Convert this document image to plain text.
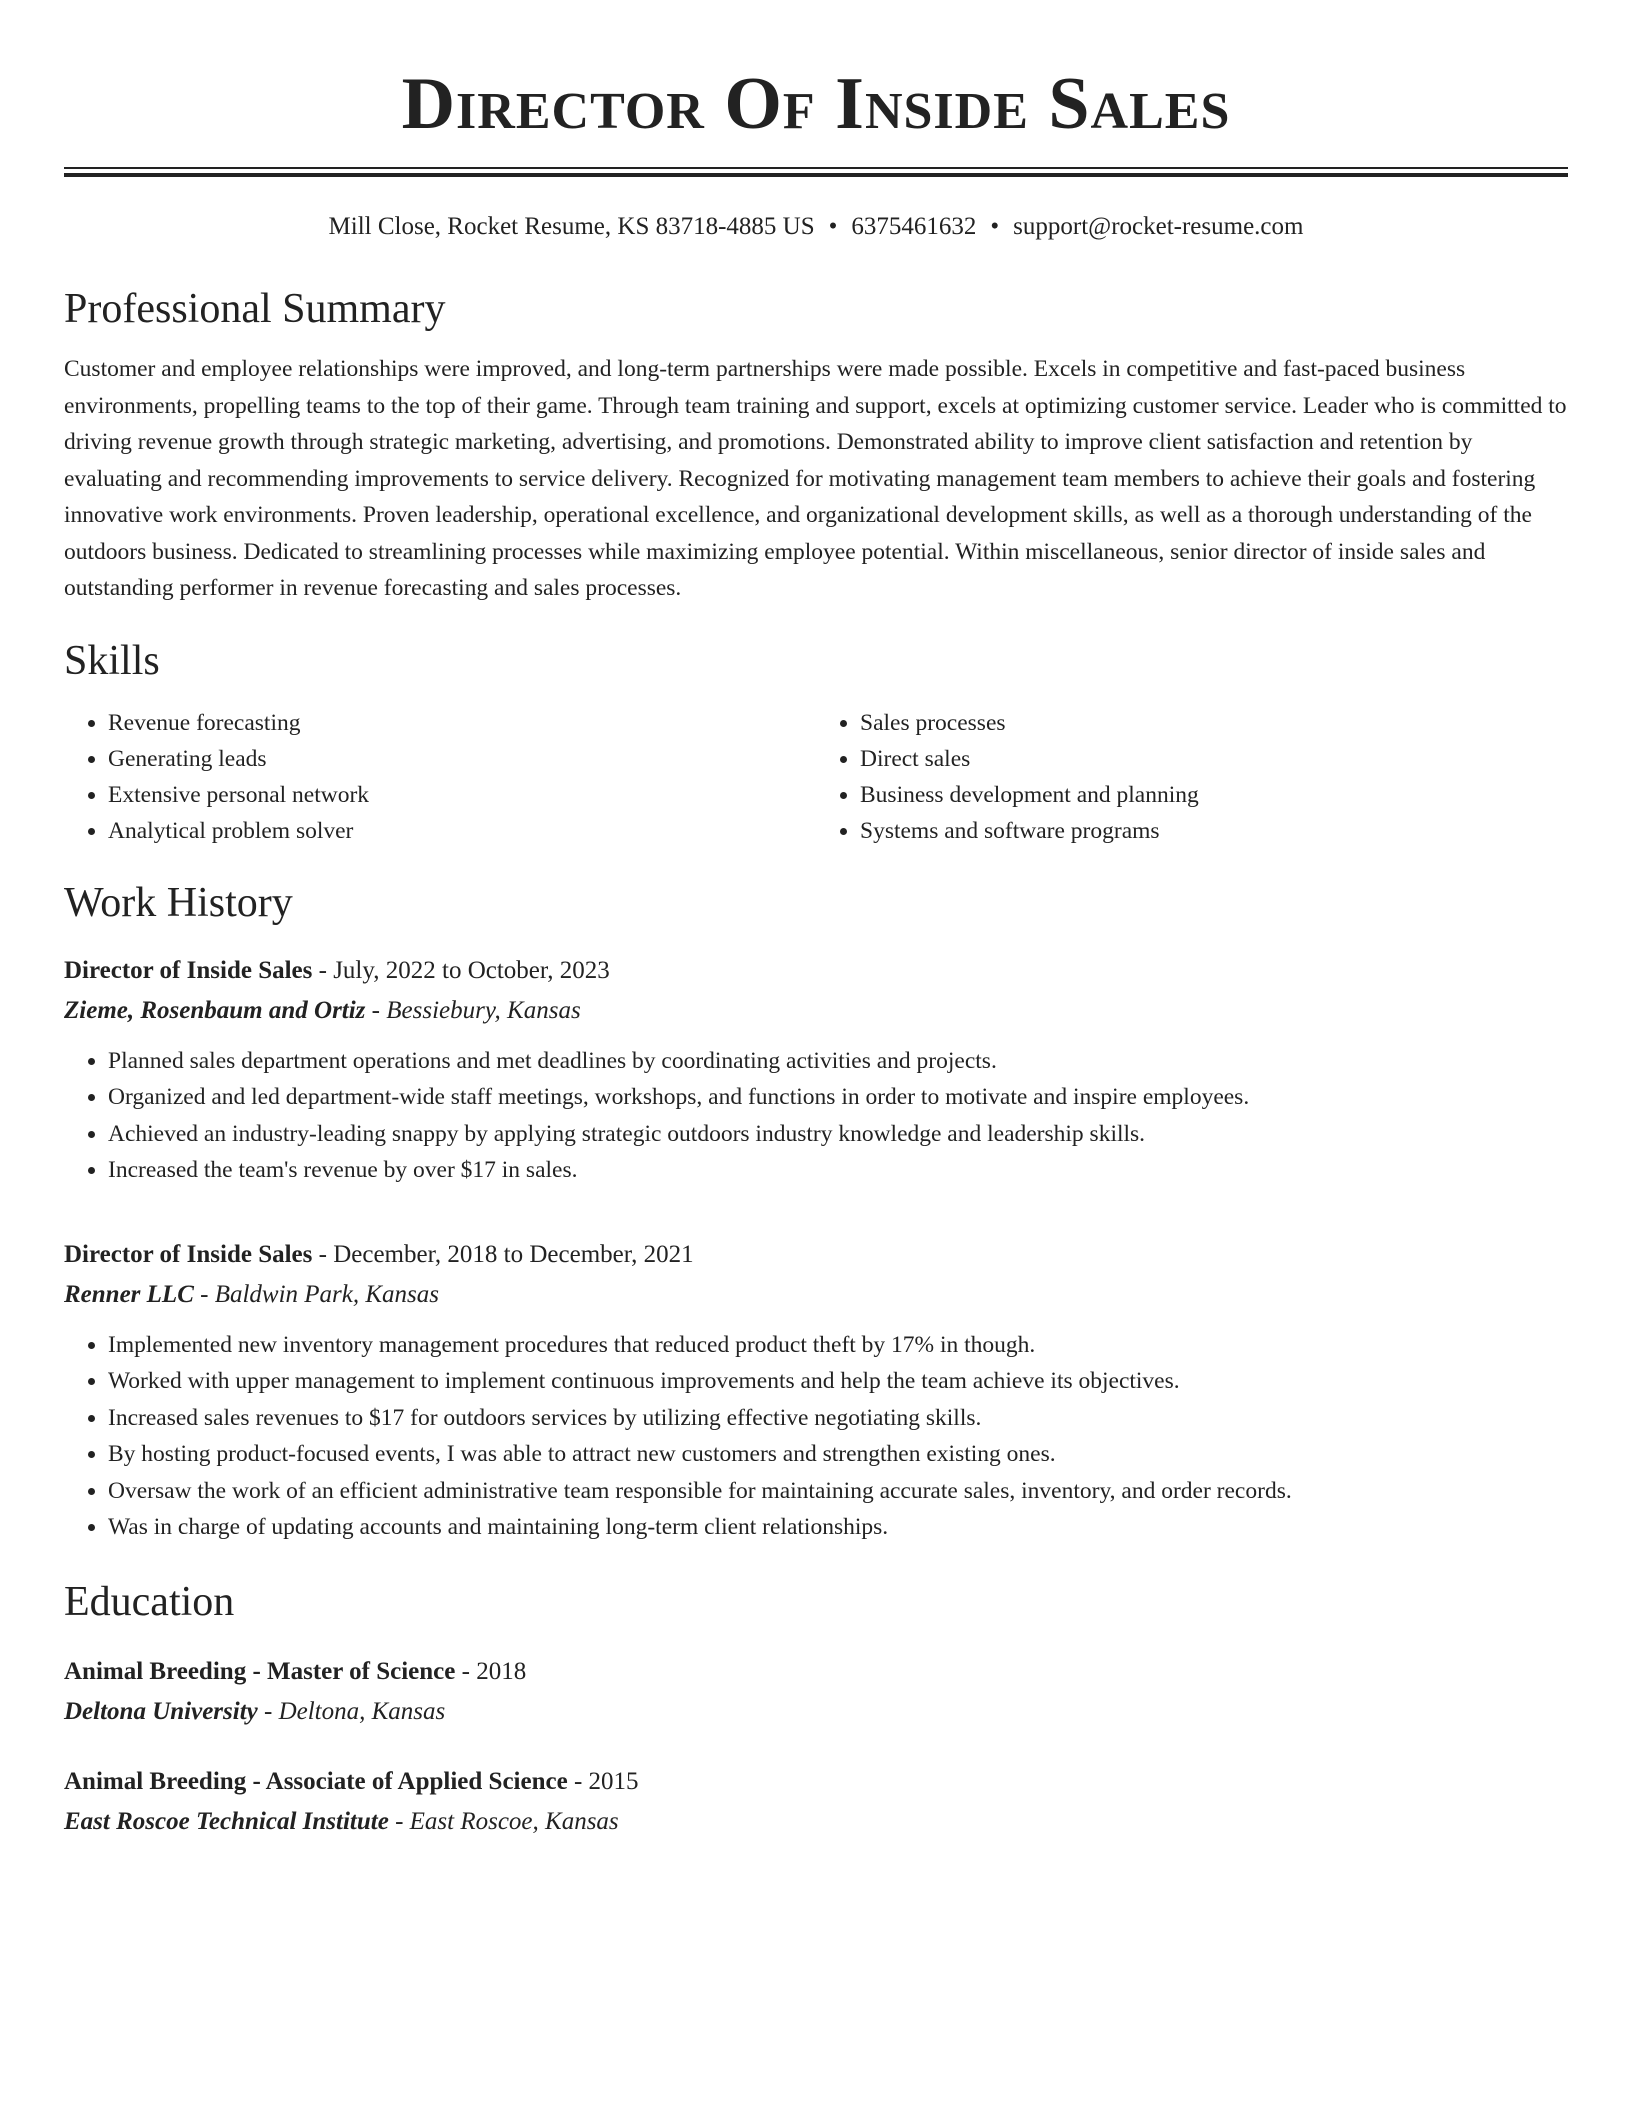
Director Of Inside Sales
Mill Close, Rocket Resume, KS 83718-4885 US • 6375461632 • support@rocket-resume.com
Professional Summary

Customer and employee relationships were improved, and long-term partnerships were made possible. Excels in competitive and fast-paced business environments, propelling teams to the top of their game. Through team training and support, excels at optimizing customer service. Leader who is committed to driving revenue growth through strategic marketing, advertising, and promotions. Demonstrated ability to improve client satisfaction and retention by evaluating and recommending improvements to service delivery. Recognized for motivating management team members to achieve their goals and fostering innovative work environments. Proven leadership, operational excellence, and organizational development skills, as well as a thorough understanding of the outdoors business. Dedicated to streamlining processes while maximizing employee potential. Within miscellaneous, senior director of inside sales and outstanding performer in revenue forecasting and sales processes.

Skills
• Revenue forecasting
• Generating leads
• Extensive personal network
• Analytical problem solver
• Sales processes
• Direct sales
• Business development and planning
• Systems and software programs
Work History
Director of Inside Sales - July, 2022 to October, 2023
Zieme, Rosenbaum and Ortiz - Bessiebury, Kansas
• Planned sales department operations and met deadlines by coordinating activities and projects.
• Organized and led department-wide staff meetings, workshops, and functions in order to motivate and inspire employees.
• Achieved an industry-leading snappy by applying strategic outdoors industry knowledge and leadership skills.
• Increased the team's revenue by over $17 in sales.
Director of Inside Sales - December, 2018 to December, 2021
Renner LLC - Baldwin Park, Kansas
• Implemented new inventory management procedures that reduced product theft by 17% in though.
• Worked with upper management to implement continuous improvements and help the team achieve its objectives.
• Increased sales revenues to $17 for outdoors services by utilizing effective negotiating skills.
• By hosting product-focused events, I was able to attract new customers and strengthen existing ones.
• Oversaw the work of an efficient administrative team responsible for maintaining accurate sales, inventory, and order records.
• Was in charge of updating accounts and maintaining long-term client relationships.
Education
Animal Breeding - Master of Science - 2018
Deltona University - Deltona, Kansas
Animal Breeding - Associate of Applied Science - 2015
East Roscoe Technical Institute - East Roscoe, Kansas
